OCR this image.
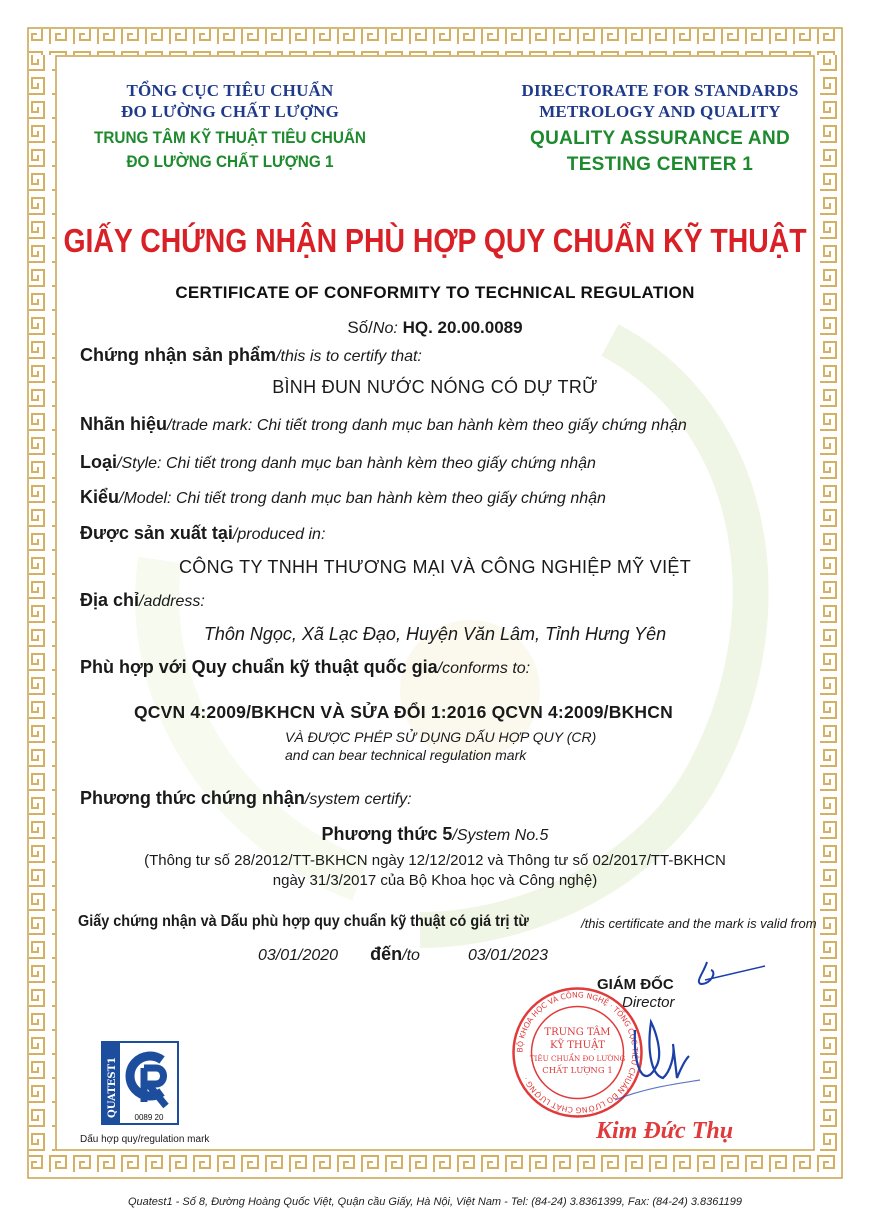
TỔNG CỤC TIÊU CHUẨN
ĐO LƯỜNG CHẤT LƯỢNG
TRUNG TÂM KỸ THUẬT TIÊU CHUẨN
ĐO LƯỜNG CHẤT LƯỢNG 1
DIRECTORATE FOR STANDARDS
METROLOGY AND QUALITY
QUALITY ASSURANCE AND
TESTING CENTER 1
GIẤY CHỨNG NHẬN PHÙ HỢP QUY CHUẨN KỸ THUẬT
CERTIFICATE OF CONFORMITY TO TECHNICAL REGULATION
Số/No: HQ. 20.00.0089
Chứng nhận sản phẩm/this is to certify that:
BÌNH ĐUN NƯỚC NÓNG CÓ DỰ TRỮ
Nhãn hiệu/trade mark: Chi tiết trong danh mục ban hành kèm theo giấy chứng nhận
Loại/Style: Chi tiết trong danh mục ban hành kèm theo giấy chứng nhận
Kiểu/Model: Chi tiết trong danh mục ban hành kèm theo giấy chứng nhận
Được sản xuất tại/produced in:
CÔNG TY TNHH THƯƠNG MẠI VÀ CÔNG NGHIỆP MỸ VIỆT
Địa chỉ/address:
Thôn Ngọc, Xã Lạc Đạo, Huyện Văn Lâm, Tỉnh Hưng Yên
Phù hợp với Quy chuẩn kỹ thuật quốc gia/conforms to:
QCVN 4:2009/BKHCN VÀ SỬA ĐỔI 1:2016 QCVN 4:2009/BKHCN
VÀ ĐƯỢC PHÉP SỬ DỤNG DẤU HỢP QUY (CR)
and can bear technical regulation mark
Phương thức chứng nhận/system certify:
Phương thức 5/System No.5
(Thông tư số 28/2012/TT-BKHCN ngày 12/12/2012 và Thông tư số 02/2017/TT-BKHCN
ngày 31/3/2017 của Bộ Khoa học và Công nghệ)
Giấy chứng nhận và Dấu phù hợp quy chuẩn kỹ thuật có giá trị từ	/this certificate and the mark is valid from
03/01/2020 đến/to	03/01/2023
GIÁM ĐỐC
Director
BỘ KHOA HỌC VÀ CÔNG NGHỆ · TỔNG CỤC TIÊU CHUẨN ĐO LƯỜNG CHẤT LƯỢNG ·
TRUNG TÂM
KỸ THUẬT
TIÊU CHUẨN ĐO LƯỜNG
CHẤT LƯỢNG 1
Kim Đức Thụ
QUATEST1 0089 20
Dấu hợp quy/regulation mark
Quatest1 - Số 8, Đường Hoàng Quốc Việt, Quận cầu Giấy, Hà Nội, Việt Nam - Tel: (84-24) 3.8361399, Fax: (84-24) 3.8361199
